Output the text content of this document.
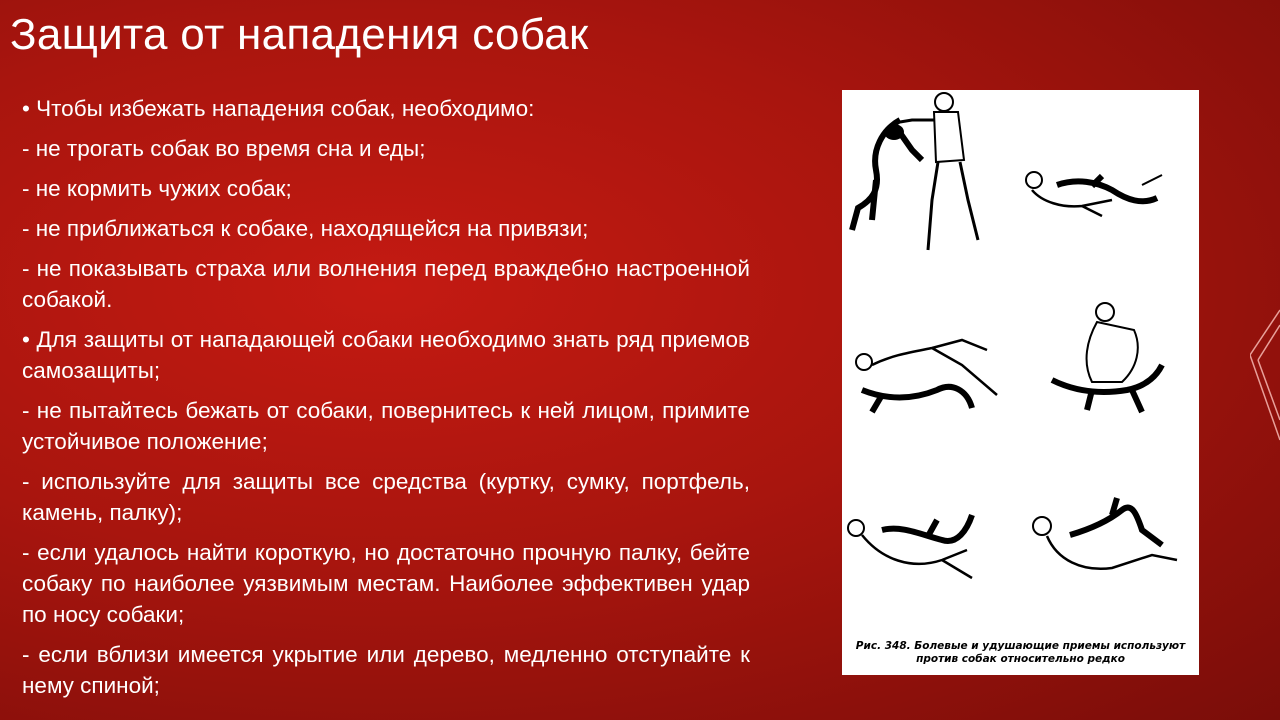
Защита от нападения собак

• Чтобы избежать нападения собак, необходимо:

- не трогать собак во время сна и еды;

- не кормить чужих собак;

- не приближаться к собаке, находящейся на привязи;

- не показывать страха или волнения перед враждебно настроенной собакой.

• Для защиты от нападающей собаки необходимо знать ряд приемов самозащиты;

- не пытайтесь бежать от собаки, повернитесь к ней лицом, примите устойчивое положение;

- используйте для защиты все средства (куртку, сумку, портфель, камень, палку);

- если удалось найти короткую, но достаточно прочную палку, бейте собаку по наиболее уязвимым местам. Наиболее эффективен удар по носу собаки;

- если вблизи имеется укрытие или дерево, медленно отступайте к нему спиной;

Рис. 348. Болевые и удушающие приемы используют
против собак относительно редко
